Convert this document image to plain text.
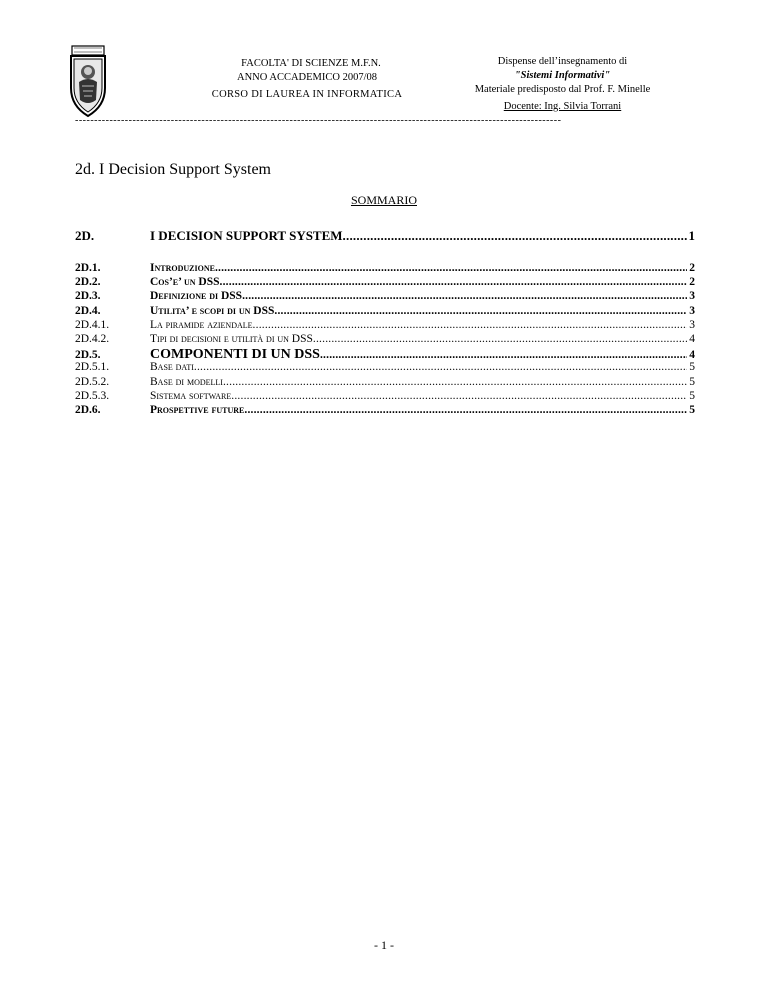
FACOLTA' DI SCIENZE M.F.N.
ANNO ACCADEMICO 2007/08
CORSO DI LAUREA IN INFORMATICA
Dispense dell’insegnamento di
"Sistemi Informativi"
Materiale predisposto dal Prof. F. Minelle
Docente: Ing. Silvia Torrani
-------------------------------------------------------------------------------------------------------------------------------
2d. I Decision Support System
SOMMARIO
2D.	I DECISION SUPPORT SYSTEM .....	1
2D.1.	Introduzione .....	2
2D.2.	Cos’e’ un DSS .....	2
2D.3.	Definizione di DSS .....	3
2D.4.	Utilita’ e scopi di un DSS .....	3
2D.4.1.	La piramide aziendale .....	3
2D.4.2.	Tipi di decisioni e utilità di un DSS .....	4
2D.5.	COMPONENTI DI UN DSS .....	4
2D.5.1.	Base dati .....	5
2D.5.2.	Base di modelli .....	5
2D.5.3.	Sistema software .....	5
2D.6.	Prospettive future .....	5
- 1 -
